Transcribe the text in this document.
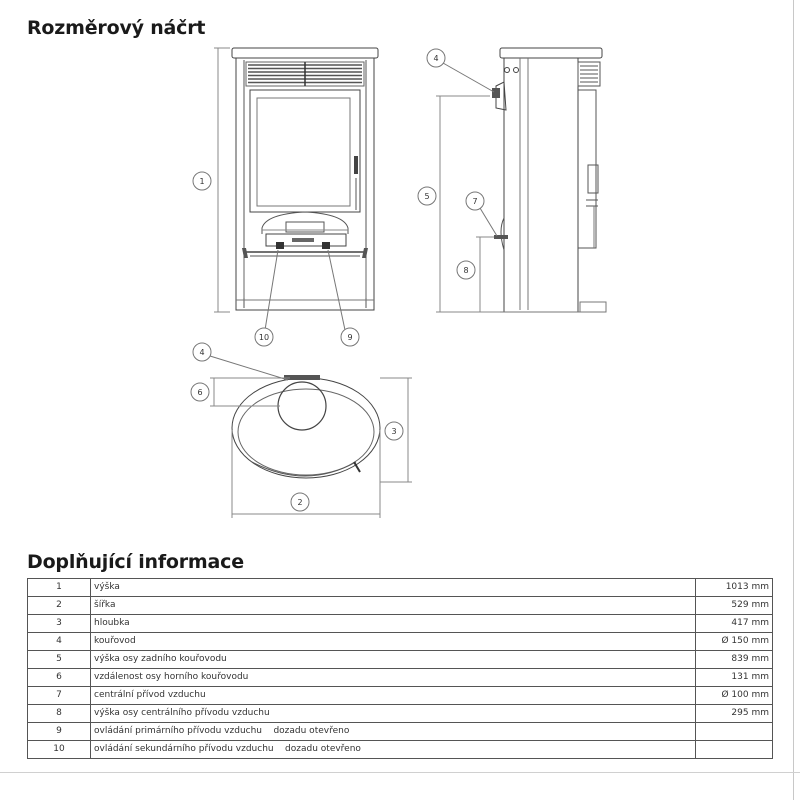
Rozměrový náčrt
1
4
5
7
8
10	9
4
6
3
2
Doplňující informace
1	výška	1013 mm
2	šířka	529 mm
3	hloubka	417 mm
4	kouřovod	Ø 150 mm
5	výška osy zadního kouřovodu	839 mm
6	vzdálenost osy horního kouřovodu	131 mm
7	centrální přívod vzduchu	Ø 100 mm
8	výška osy centrálního přívodu vzduchu	295 mm
9	ovládání primárního přívodu vzduchu    dozadu otevřeno	
10	ovládání sekundárního přívodu vzduchu    dozadu otevřeno	
